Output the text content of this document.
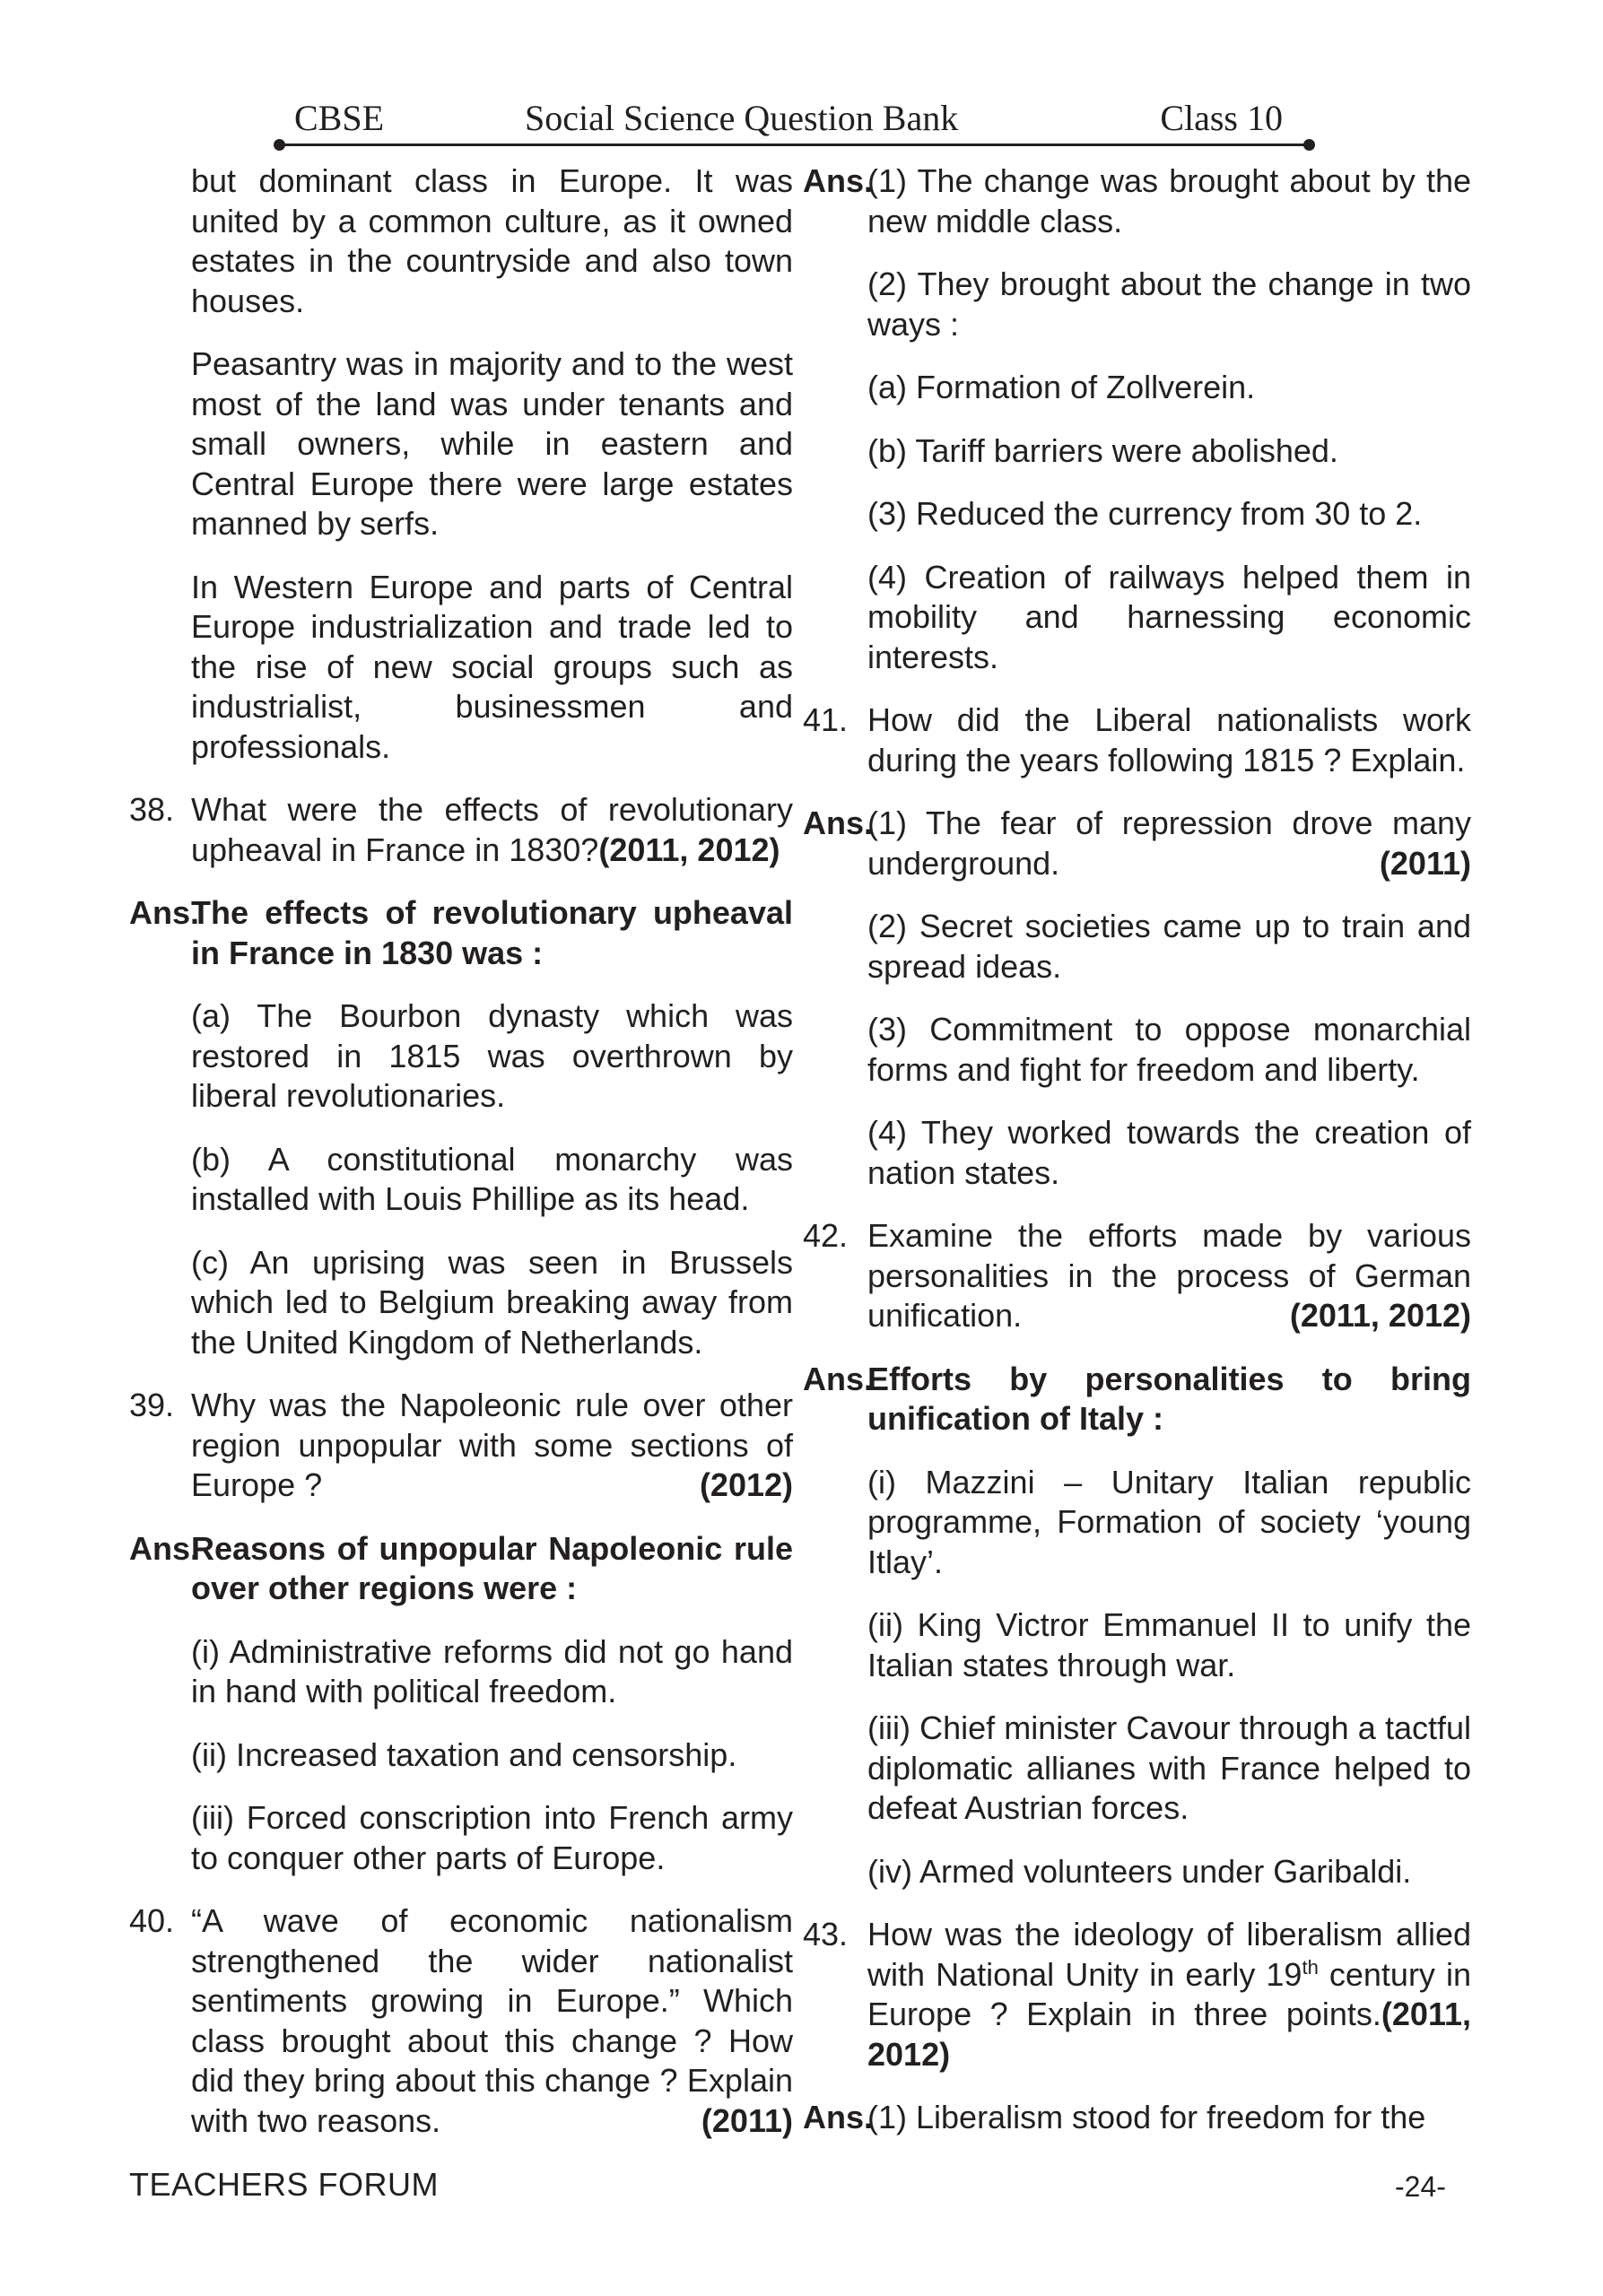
CBSE	Social Science Question Bank	Class 10

but dominant class in Europe. It was united by a common culture, as it owned estates in the countryside and also town houses.

Peasantry was in majority and to the west most of the land was under tenants and small owners, while in eastern and Central Europe there were large estates manned by serfs.

In Western Europe and parts of Central Europe industrialization and trade led to the rise of new social groups such as industrialist, businessmen and professionals.

38. What were the effects of revolutionary upheaval in France in 1830?(2011, 2012)
Ans.
The effects of revolutionary upheaval in France in 1830 was :

(a) The Bourbon dynasty which was restored in 1815 was overthrown by liberal revolutionaries.

(b) A constitutional monarchy was installed with Louis Phillipe as its head.

(c) An uprising was seen in Brussels which led to Belgium breaking away from the United Kingdom of Netherlands.

39. Why was the Napoleonic rule over other region unpopular with some sections of Europe ?	(2012)
Ans.
Reasons of unpopular Napoleonic rule over other regions were :

(i) Administrative reforms did not go hand in hand with political freedom.

(ii) Increased taxation and censorship.

(iii) Forced conscription into French army to conquer other parts of Europe.

40. “A wave of economic nationalism strengthened the wider nationalist sentiments growing in Europe.” Which class brought about this change ? How did they bring about this change ? Explain with two reasons.	(2011)
Ans.
(1) The change was brought about by the new middle class.

(2) They brought about the change in two ways :

(a) Formation of Zollverein.

(b) Tariff barriers were abolished.

(3) Reduced the currency from 30 to 2.

(4) Creation of railways helped them in mobility and harnessing economic interests.

41. How did the Liberal nationalists work during the years following 1815 ? Explain.
Ans.
(1) The fear of repression drove many underground.	(2011)

(2) Secret societies came up to train and spread ideas.

(3) Commitment to oppose monarchial forms and fight for freedom and liberty.

(4) They worked towards the creation of nation states.

42. Examine the efforts made by various personalities in the process of German unification.	(2011, 2012)
Ans.
Efforts by personalities to bring unification of Italy :

(i) Mazzini – Unitary Italian republic programme, Formation of society ‘young Itlay’.

(ii) King Victror Emmanuel II to unify the Italian states through war.

(iii) Chief minister Cavour through a tactful diplomatic allianes with France helped to defeat Austrian forces.

(iv) Armed volunteers under Garibaldi.

43. How was the ideology of liberalism allied with National Unity in early 19th century in Europe ? Explain in three points.(2011, 2012)
Ans.
(1) Liberalism stood for freedom for the
TEACHERS FORUM	-24-
